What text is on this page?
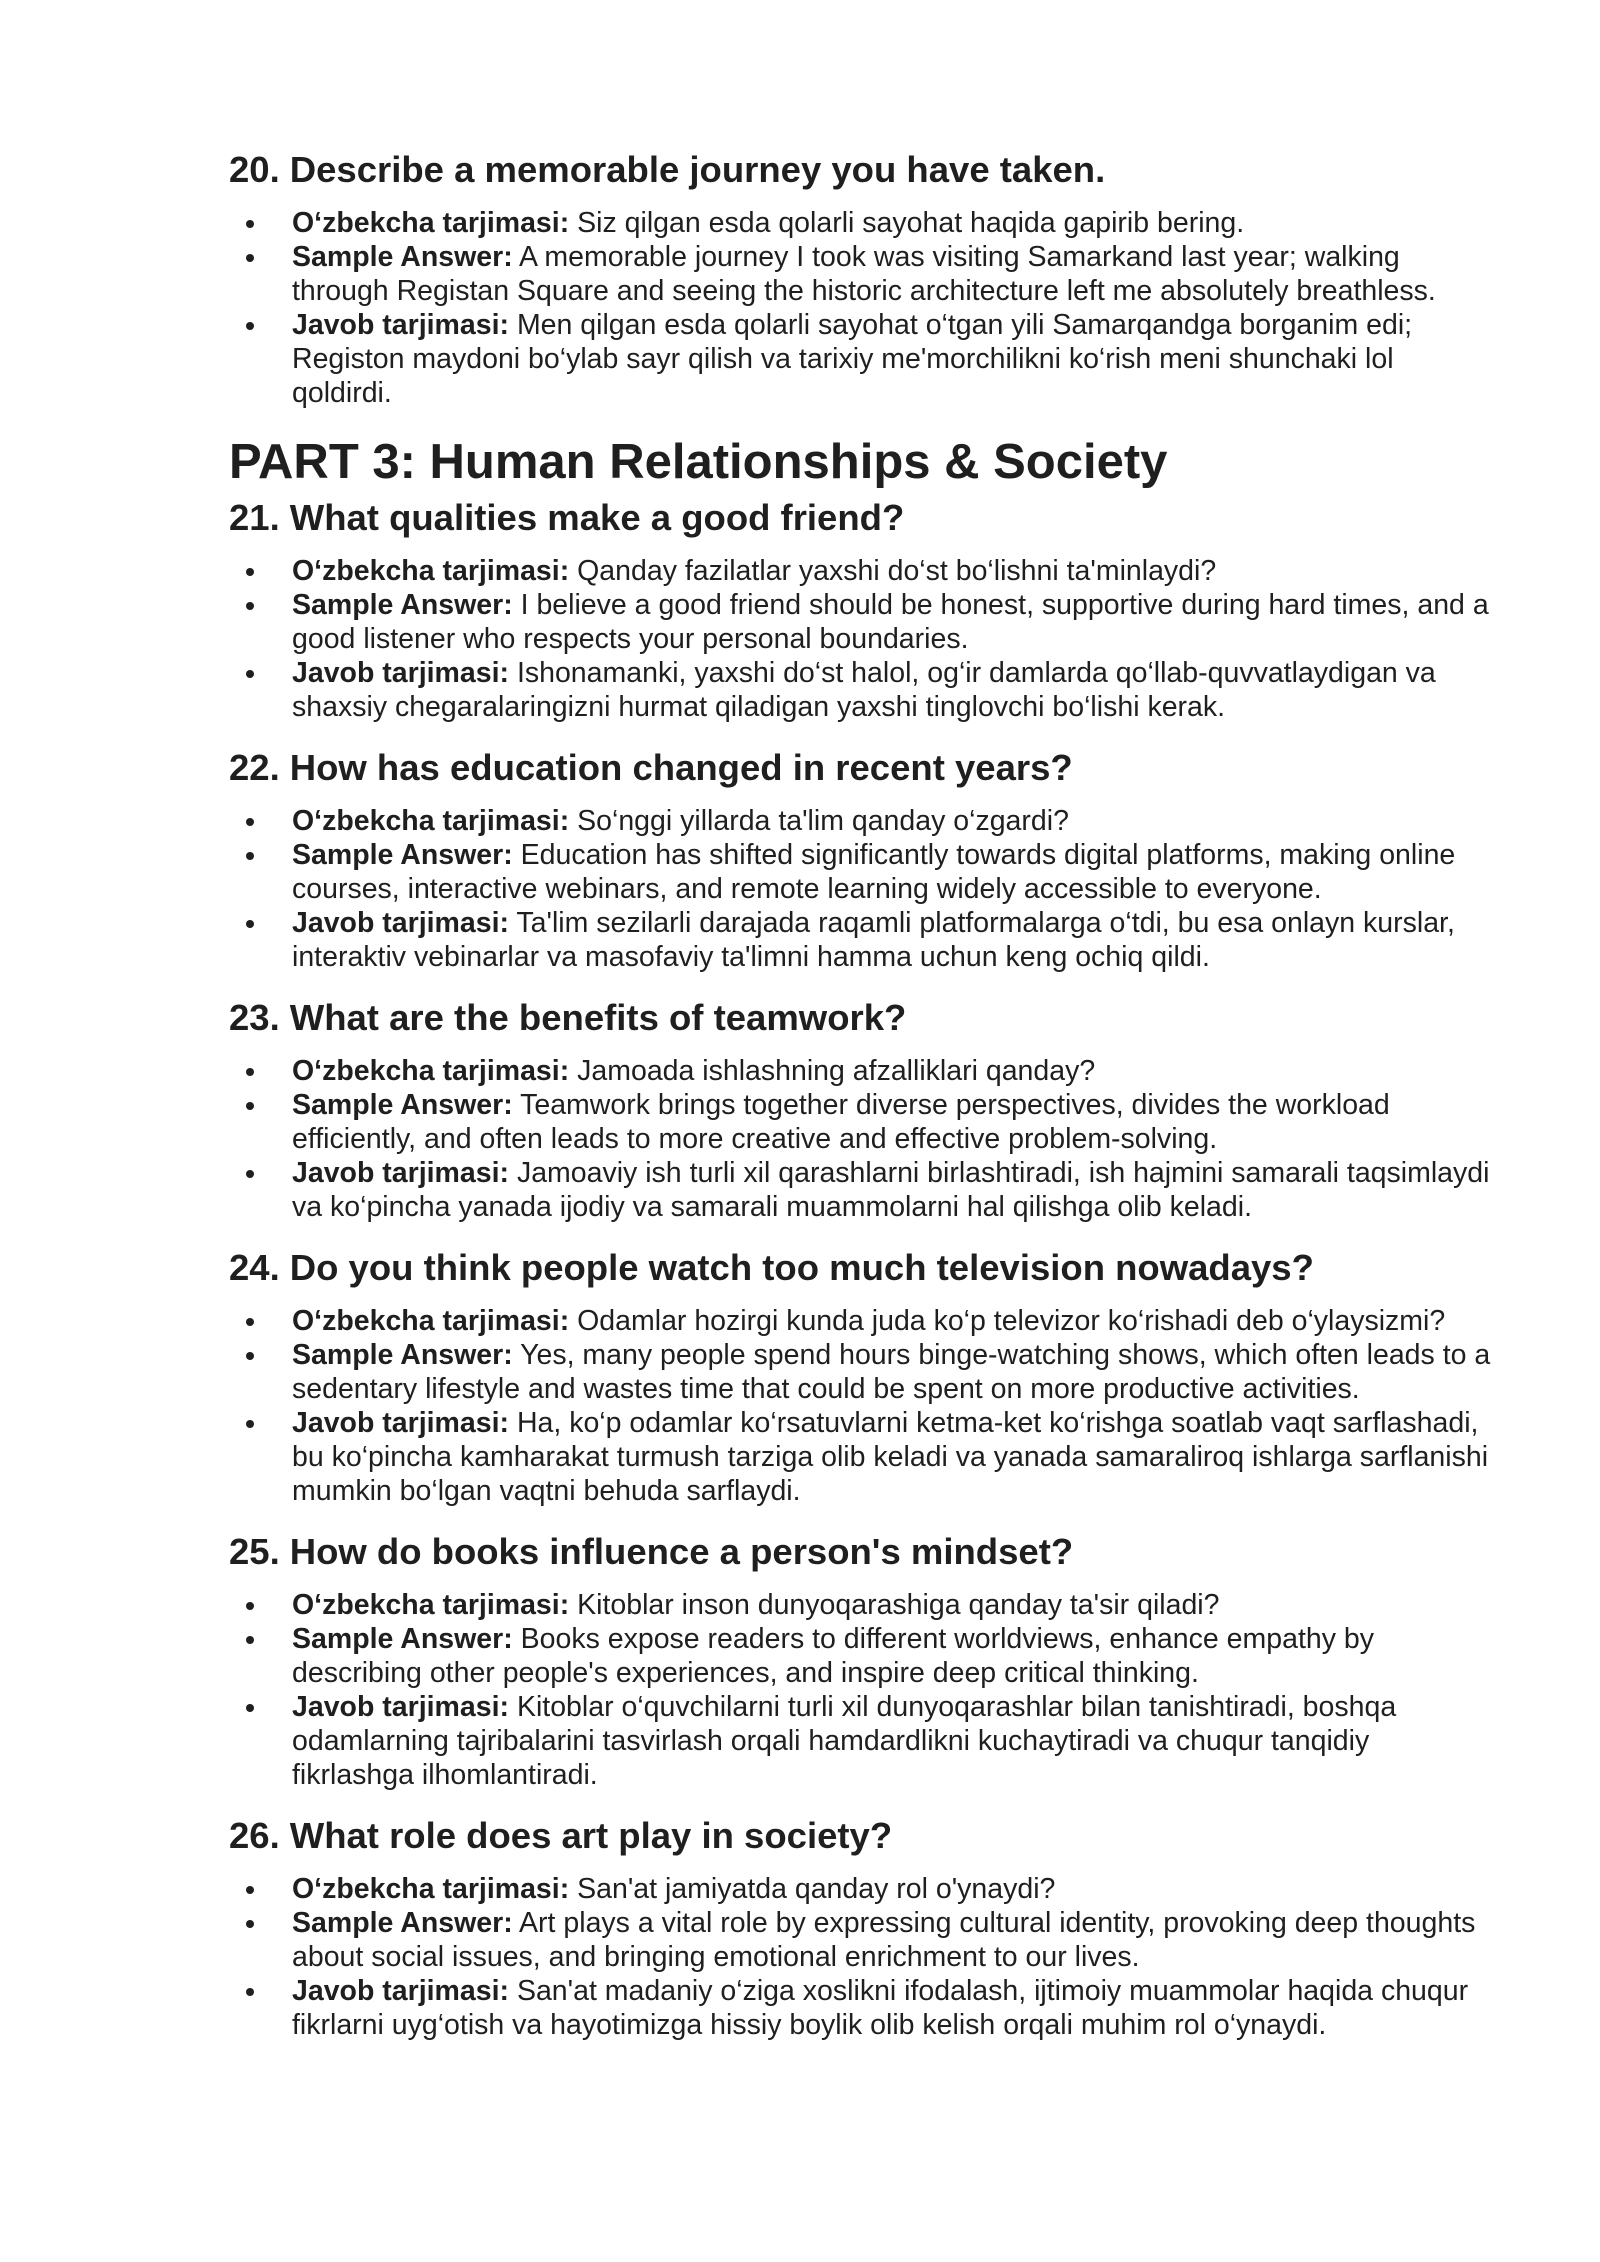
20. Describe a memorable journey you have taken.
O‘zbekcha tarjimasi: Siz qilgan esda qolarli sayohat haqida gapirib bering.
Sample Answer: A memorable journey I took was visiting Samarkand last year; walking through Registan Square and seeing the historic architecture left me absolutely breathless.
Javob tarjimasi: Men qilgan esda qolarli sayohat o‘tgan yili Samarqandga borganim edi; Registon maydoni bo‘ylab sayr qilish va tarixiy me'morchilikni ko‘rish meni shunchaki lol qoldirdi.
PART 3: Human Relationships & Society
21. What qualities make a good friend?
O‘zbekcha tarjimasi: Qanday fazilatlar yaxshi do‘st bo‘lishni ta'minlaydi?
Sample Answer: I believe a good friend should be honest, supportive during hard times, and a good listener who respects your personal boundaries.
Javob tarjimasi: Ishonamanki, yaxshi do‘st halol, og‘ir damlarda qo‘llab-quvvatlaydigan va shaxsiy chegaralaringizni hurmat qiladigan yaxshi tinglovchi bo‘lishi kerak.
22. How has education changed in recent years?
O‘zbekcha tarjimasi: So‘nggi yillarda ta'lim qanday o‘zgardi?
Sample Answer: Education has shifted significantly towards digital platforms, making online courses, interactive webinars, and remote learning widely accessible to everyone.
Javob tarjimasi: Ta'lim sezilarli darajada raqamli platformalarga o‘tdi, bu esa onlayn kurslar, interaktiv vebinarlar va masofaviy ta'limni hamma uchun keng ochiq qildi.
23. What are the benefits of teamwork?
O‘zbekcha tarjimasi: Jamoada ishlashning afzalliklari qanday?
Sample Answer: Teamwork brings together diverse perspectives, divides the workload efficiently, and often leads to more creative and effective problem-solving.
Javob tarjimasi: Jamoaviy ish turli xil qarashlarni birlashtiradi, ish hajmini samarali taqsimlaydi va ko‘pincha yanada ijodiy va samarali muammolarni hal qilishga olib keladi.
24. Do you think people watch too much television nowadays?
O‘zbekcha tarjimasi: Odamlar hozirgi kunda juda ko‘p televizor ko‘rishadi deb o‘ylaysizmi?
Sample Answer: Yes, many people spend hours binge-watching shows, which often leads to a sedentary lifestyle and wastes time that could be spent on more productive activities.
Javob tarjimasi: Ha, ko‘p odamlar ko‘rsatuvlarni ketma-ket ko‘rishga soatlab vaqt sarflashadi, bu ko‘pincha kamharakat turmush tarziga olib keladi va yanada samaraliroq ishlarga sarflanishi mumkin bo‘lgan vaqtni behuda sarflaydi.
25. How do books influence a person's mindset?
O‘zbekcha tarjimasi: Kitoblar inson dunyoqarashiga qanday ta'sir qiladi?
Sample Answer: Books expose readers to different worldviews, enhance empathy by describing other people's experiences, and inspire deep critical thinking.
Javob tarjimasi: Kitoblar o‘quvchilarni turli xil dunyoqarashlar bilan tanishtiradi, boshqa odamlarning tajribalarini tasvirlash orqali hamdardlikni kuchaytiradi va chuqur tanqidiy fikrlashga ilhomlantiradi.
26. What role does art play in society?
O‘zbekcha tarjimasi: San'at jamiyatda qanday rol o'ynaydi?
Sample Answer: Art plays a vital role by expressing cultural identity, provoking deep thoughts about social issues, and bringing emotional enrichment to our lives.
Javob tarjimasi: San'at madaniy o‘ziga xoslikni ifodalash, ijtimoiy muammolar haqida chuqur fikrlarni uyg‘otish va hayotimizga hissiy boylik olib kelish orqali muhim rol o‘ynaydi.
